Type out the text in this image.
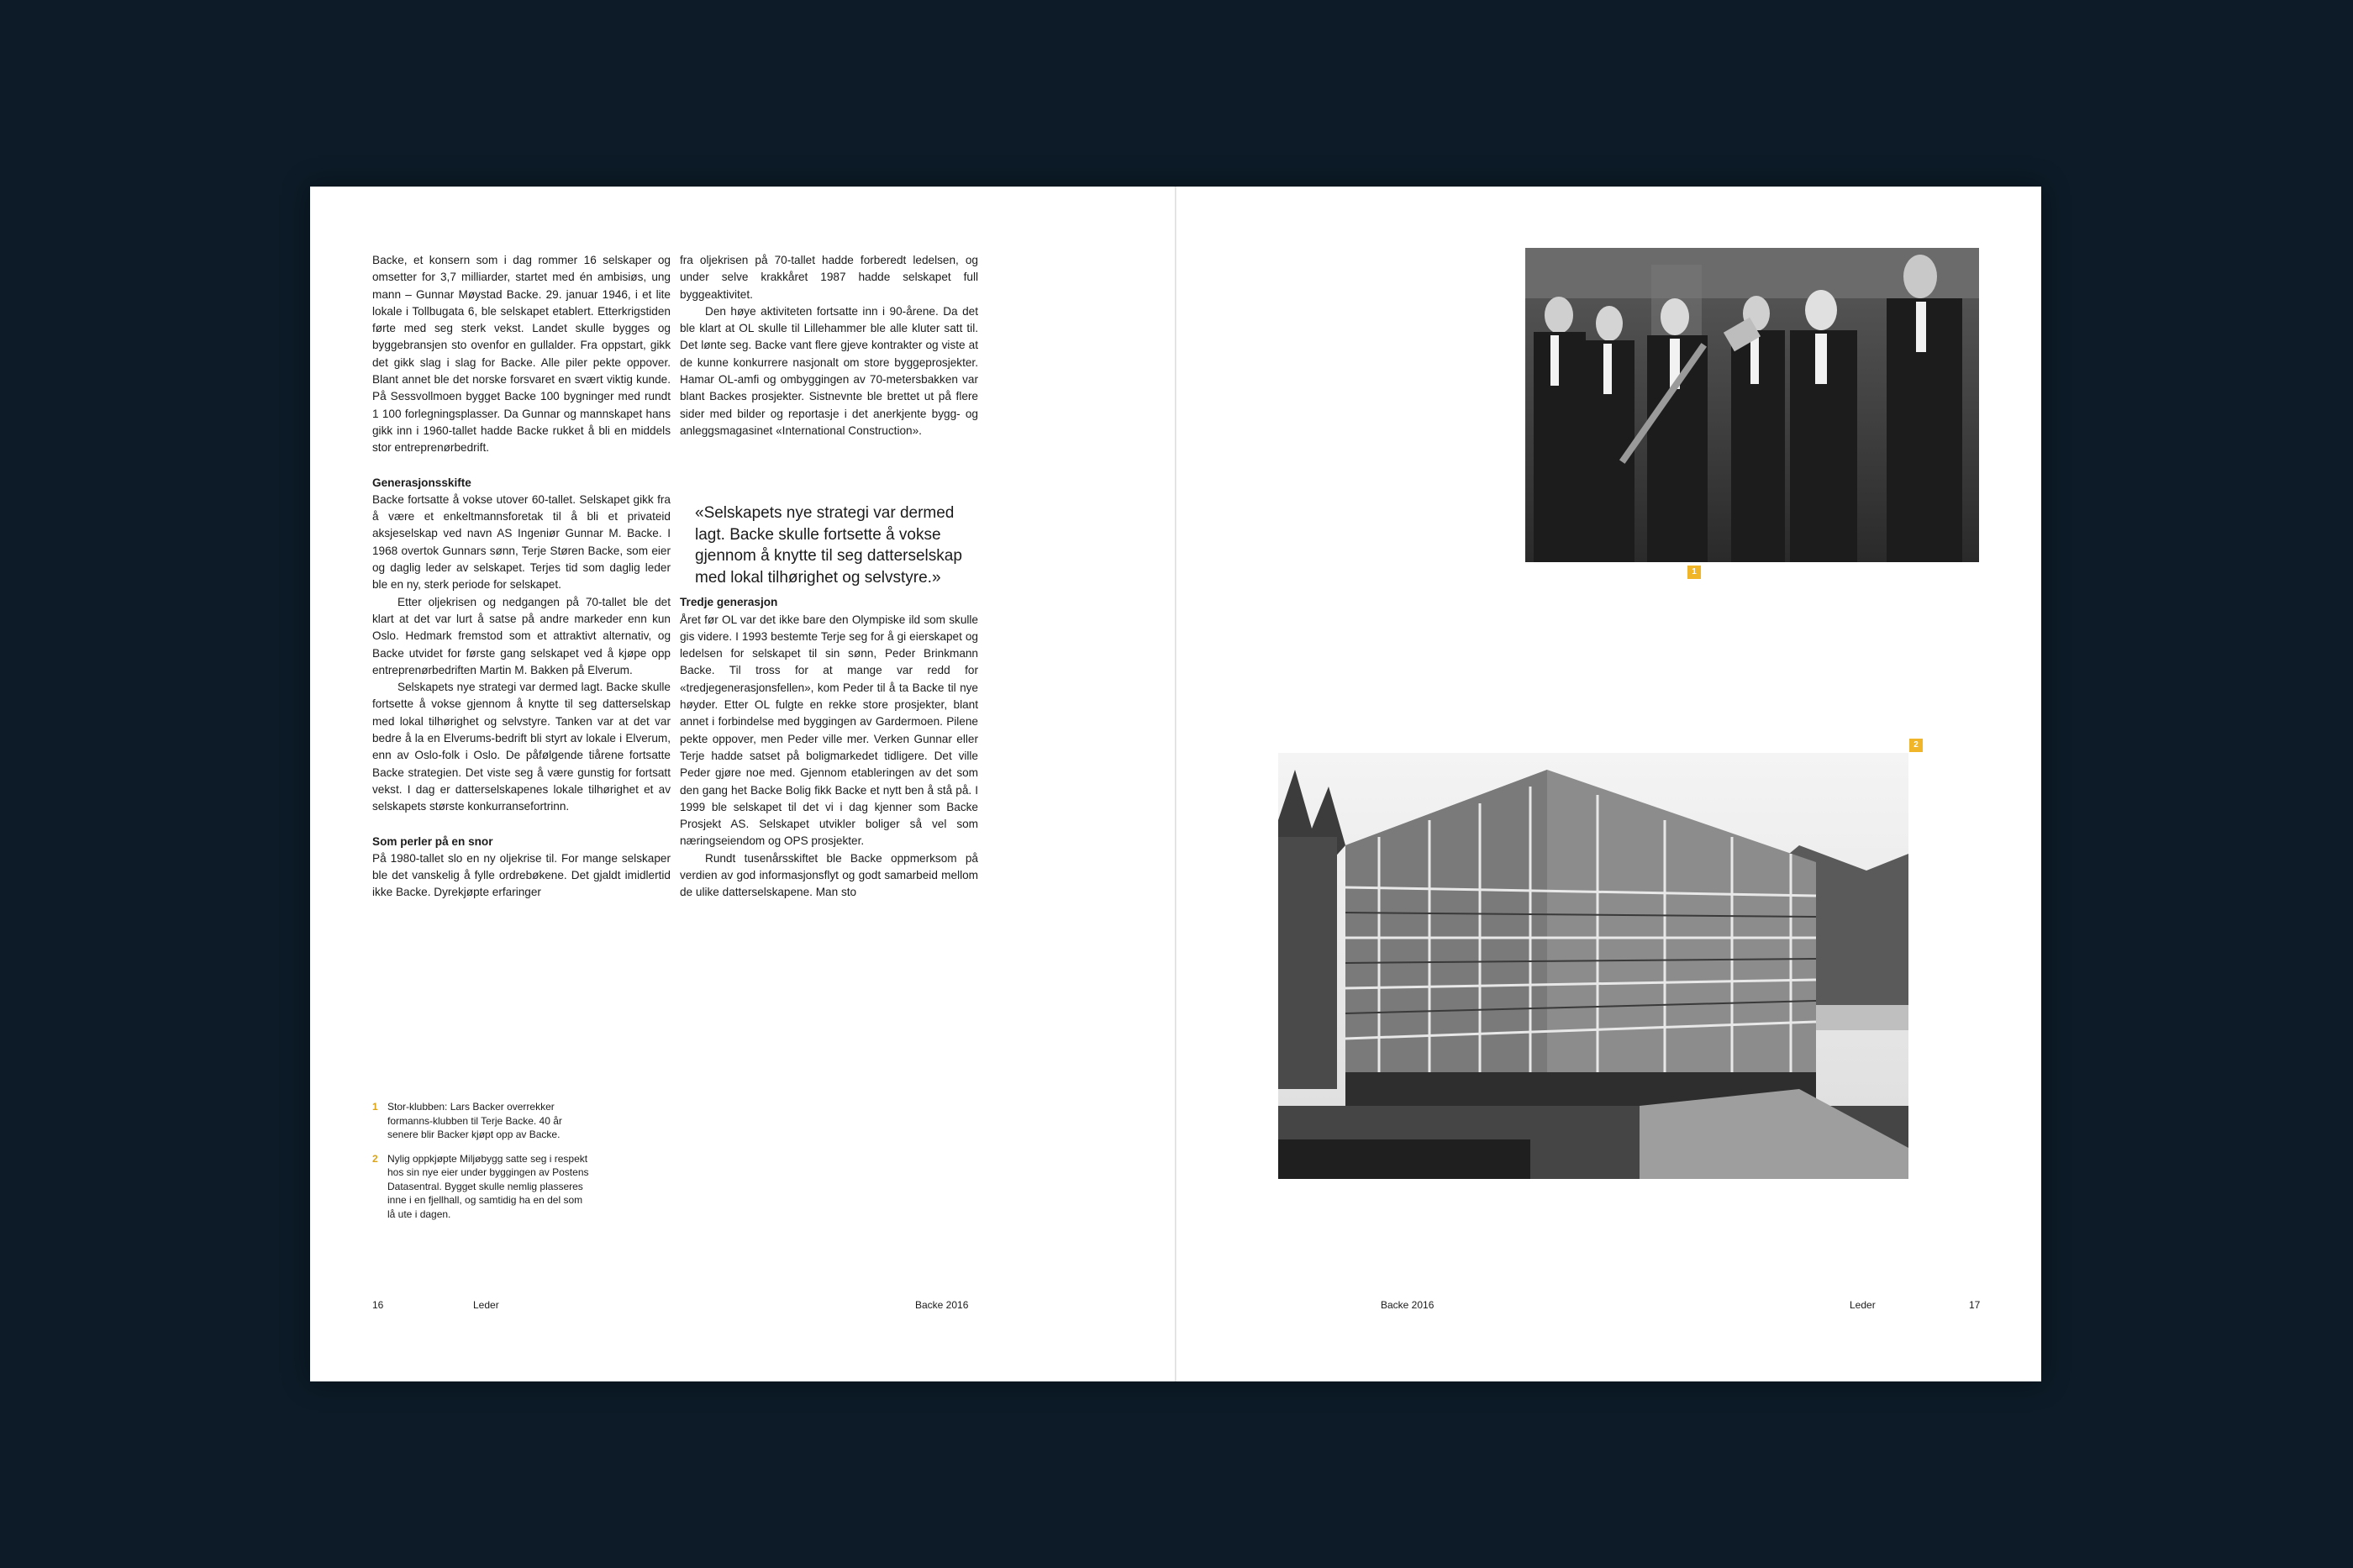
Backe, et konsern som i dag rommer 16 selskaper og omsetter for 3,7 milliarder, startet med én ambisiøs, ung mann – Gunnar Møystad Backe. 29. januar 1946, i et lite lokale i Tollbugata 6, ble selskapet etablert. Etterkrigstiden førte med seg sterk vekst. Landet skulle bygges og byggebransjen sto ovenfor en gullalder. Fra oppstart, gikk det gikk slag i slag for Backe. Alle piler pekte oppover. Blant annet ble det norske forsvaret en svært viktig kunde. På Sessvollmoen bygget Backe 100 bygninger med rundt 1 100 forlegningsplasser. Da Gunnar og mannskapet hans gikk inn i 1960-tallet hadde Backe rukket å bli en middels stor entreprenørbedrift.

Generasjonsskifte

Backe fortsatte å vokse utover 60-tallet. Selskapet gikk fra å være et enkeltmannsforetak til å bli et privateid aksjeselskap ved navn AS Ingeniør Gunnar M. Backe. I 1968 overtok Gunnars sønn, Terje Støren Backe, som eier og daglig leder av selskapet. Terjes tid som daglig leder ble en ny, sterk periode for selskapet.

Etter oljekrisen og nedgangen på 70-tallet ble det klart at det var lurt å satse på andre markeder enn kun Oslo. Hedmark fremstod som et attraktivt alternativ, og Backe utvidet for første gang selskapet ved å kjøpe opp entreprenørbedriften Martin M. Bakken på Elverum.

Selskapets nye strategi var dermed lagt. Backe skulle fortsette å vokse gjennom å knytte til seg datterselskap med lokal tilhørighet og selvstyre. Tanken var at det var bedre å la en Elverums-bedrift bli styrt av lokale i Elverum, enn av Oslo-folk i Oslo. De påfølgende tiårene fortsatte Backe strategien. Det viste seg å være gunstig for fortsatt vekst. I dag er datterselskapenes lokale tilhørighet et av selskapets største konkurransefortrinn.

Som perler på en snor

På 1980-tallet slo en ny oljekrise til. For mange selskaper ble det vanskelig å fylle ordrebøkene. Det gjaldt imidlertid ikke Backe. Dyrekjøpte erfaringer

fra oljekrisen på 70-tallet hadde forberedt ledelsen, og under selve krakkåret 1987 hadde selskapet full byggeaktivitet.

Den høye aktiviteten fortsatte inn i 90-årene. Da det ble klart at OL skulle til Lillehammer ble alle kluter satt til. Det lønte seg. Backe vant flere gjeve kontrakter og viste at de kunne konkurrere nasjonalt om store byggeprosjekter. Hamar OL-amfi og ombyggingen av 70-metersbakken var blant Backes prosjekter. Sistnevnte ble brettet ut på flere sider med bilder og reportasje i det anerkjente bygg- og anleggsmagasinet «International Construction».

Tredje generasjon

Året før OL var det ikke bare den Olympiske ild som skulle gis videre. I 1993 bestemte Terje seg for å gi eierskapet og ledelsen for selskapet til sin sønn, Peder Brinkmann Backe. Til tross for at mange var redd for «tredjegenerasjonsfellen», kom Peder til å ta Backe til nye høyder. Etter OL fulgte en rekke store prosjekter, blant annet i forbindelse med byggingen av Gardermoen. Pilene pekte oppover, men Peder ville mer. Verken Gunnar eller Terje hadde satset på boligmarkedet tidligere. Det ville Peder gjøre noe med. Gjennom etableringen av det som den gang het Backe Bolig fikk Backe et nytt ben å stå på. I 1999 ble selskapet til det vi i dag kjenner som Backe Prosjekt AS. Selskapet utvikler boliger så vel som næringseiendom og OPS prosjekter.

Rundt tusenårsskiftet ble Backe oppmerksom på verdien av god informasjonsflyt og godt samarbeid mellom de ulike datterselskapene. Man sto

«Selskapets nye strategi var dermed lagt. Backe skulle fortsette å vokse gjennom å knytte til seg datterselskap med lokal tilhørighet og selvstyre.»
1 Stor-klubben: Lars Backer overrekker formanns-klubben til Terje Backe. 40 år senere blir Backer kjøpt opp av Backe.
2 Nylig oppkjøpte Miljøbygg satte seg i respekt hos sin nye eier under byggingen av Postens Datasentral. Bygget skulle nemlig plasseres inne i en fjellhall, og samtidig ha en del som lå ute i dagen.
16	Leder	Backe 2016
1
2
Backe 2016	Leder	17
